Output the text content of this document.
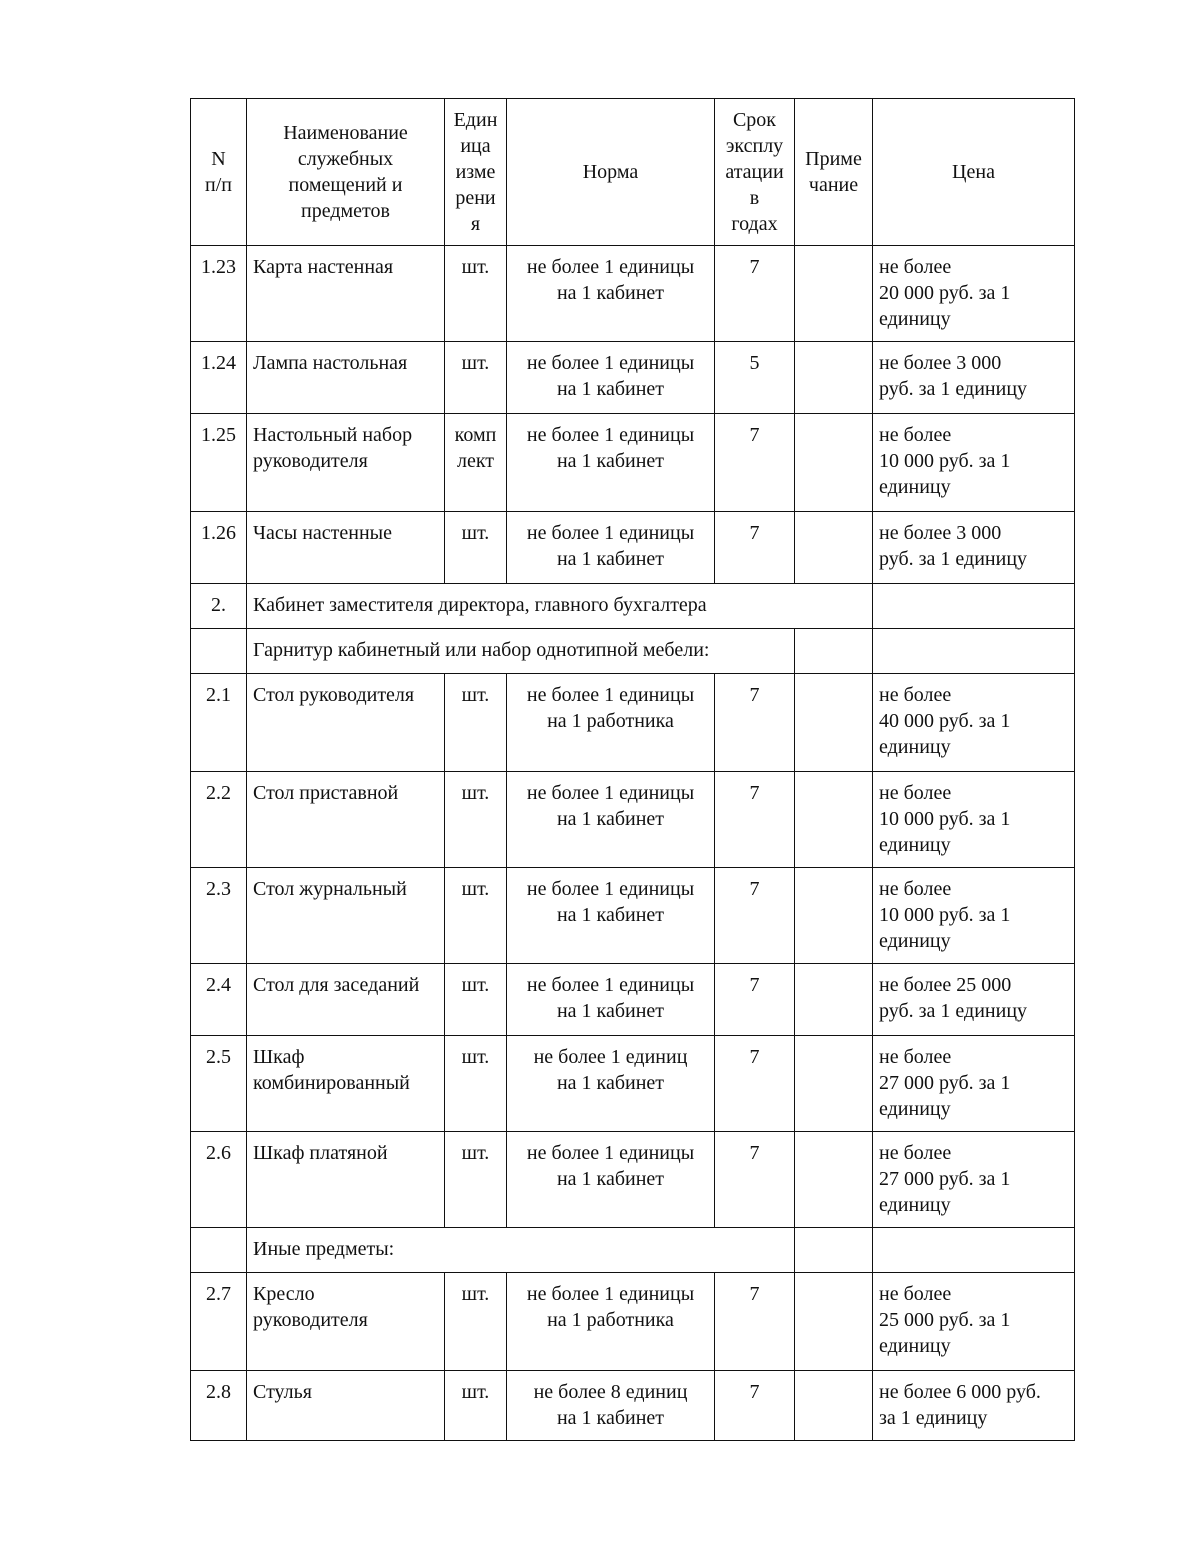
N
п/п	Наименование
служебных
помещений и
предметов	Един
ица
изме
рени
я	Норма	Срок
эксплу
атации
в
годах	Приме
чание	Цена
1.23	Карта настенная	шт.	не более 1 единицы
на 1 кабинет	7		не более
20 000 руб. за 1
единицу
1.24	Лампа настольная	шт.	не более 1 единицы
на 1 кабинет	5		не более 3 000
руб. за 1 единицу
1.25	Настольный набор
руководителя	комп
лект	не более 1 единицы
на 1 кабинет	7		не более
10 000 руб. за 1
единицу
1.26	Часы настенные	шт.	не более 1 единицы
на 1 кабинет	7		не более 3 000
руб. за 1 единицу
2.	Кабинет заместителя директора, главного бухгалтера					
	Гарнитур кабинетный или набор однотипной мебели:					
2.1	Стол руководителя	шт.	не более 1 единицы
на 1 работника	7		не более
40 000 руб. за 1
единицу
2.2	Стол приставной	шт.	не более 1 единицы
на 1 кабинет	7		не более
10 000 руб. за 1
единицу
2.3	Стол журнальный	шт.	не более 1 единицы
на 1 кабинет	7		не более
10 000 руб. за 1
единицу
2.4	Стол для заседаний	шт.	не более 1 единицы
на 1 кабинет	7		не более 25 000
руб. за 1 единицу
2.5	Шкаф
комбинированный	шт.	не более 1 единиц
на 1 кабинет	7		не более
27 000 руб. за 1
единицу
2.6	Шкаф платяной	шт.	не более 1 единицы
на 1 кабинет	7		не более
27 000 руб. за 1
единицу
	Иные предметы:					
2.7	Кресло
руководителя	шт.	не более 1 единицы
на 1 работника	7		не более
25 000 руб. за 1
единицу
2.8	Стулья	шт.	не более 8 единиц
на 1 кабинет	7		не более 6 000 руб.
за 1 единицу
